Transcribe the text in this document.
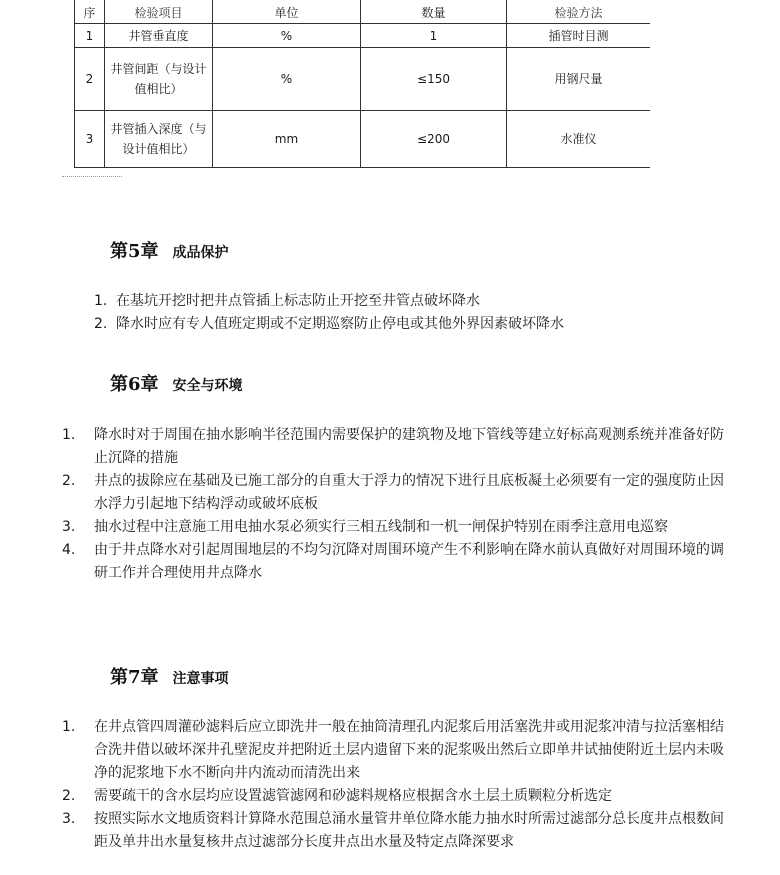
序	检验项目	单位	数量	检验方法
1	井管垂直度	%	1	插管时目测
2	井管间距（与设计值相比）	%	≤150	用钢尺量
3	井管插入深度（与设计值相比）	mm	≤200	水准仪
第5章 成品保护
1. 在基坑开挖时把井点管插上标志防止开挖至井管点破坏降水
2. 降水时应有专人值班定期或不定期巡察防止停电或其他外界因素破坏降水
第6章 安全与环境
1.	降水时对于周围在抽水影响半径范围内需要保护的建筑物及地下管线等建立好标高观测系统并准备好防止沉降的措施
2.	井点的拔除应在基础及已施工部分的自重大于浮力的情况下进行且底板凝土必须要有一定的强度防止因水浮力引起地下结构浮动或破坏底板
3.	抽水过程中注意施工用电抽水泵必须实行三相五线制和一机一闸保护特别在雨季注意用电巡察
4.	由于井点降水对引起周围地层的不均匀沉降对周围环境产生不利影响在降水前认真做好对周围环境的调研工作并合理使用井点降水
第7章 注意事项
1.	在井点管四周灌砂滤料后应立即洗井一般在抽筒清理孔内泥浆后用活塞洗井或用泥浆冲清与拉活塞相结合洗井借以破坏深井孔壁泥皮并把附近土层内遗留下来的泥浆吸出然后立即单井试抽使附近土层内未吸净的泥浆地下水不断向井内流动而清洗出来
2.	需要疏干的含水层均应设置滤管滤网和砂滤料规格应根据含水土层土质颗粒分析选定
3.	按照实际水文地质资料计算降水范围总涌水量管井单位降水能力抽水时所需过滤部分总长度井点根数间距及单井出水量复核井点过滤部分长度井点出水量及特定点降深要求
